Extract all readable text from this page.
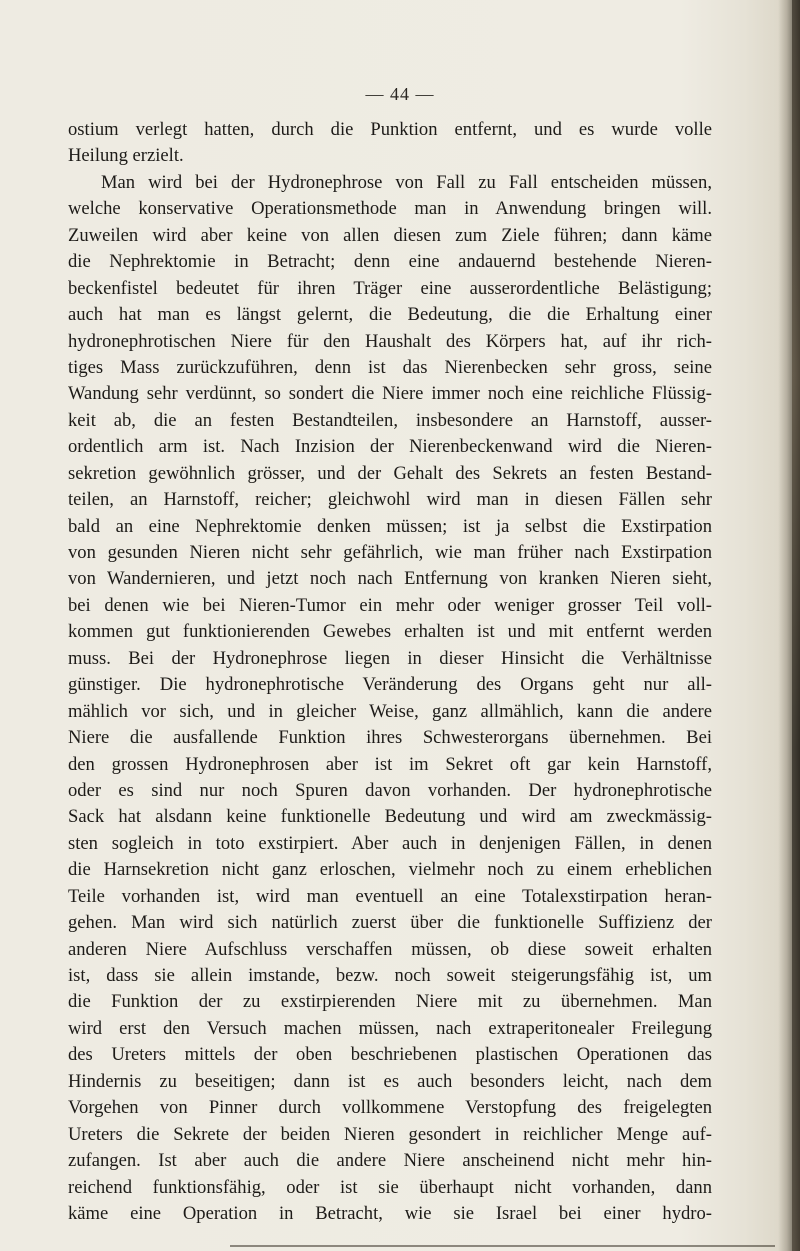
— 44 —
ostium verlegt hatten, durch die Punktion entfernt, und es wurde volle
Heilung erzielt.
Man wird bei der Hydronephrose von Fall zu Fall entscheiden müssen,
welche konservative Operationsmethode man in Anwendung bringen will.
Zuweilen wird aber keine von allen diesen zum Ziele führen; dann käme
die Nephrektomie in Betracht; denn eine andauernd bestehende Nieren-
beckenfistel bedeutet für ihren Träger eine ausserordentliche Belästigung;
auch hat man es längst gelernt, die Bedeutung, die die Erhaltung einer
hydronephrotischen Niere für den Haushalt des Körpers hat, auf ihr rich-
tiges Mass zurückzuführen, denn ist das Nierenbecken sehr gross, seine
Wandung sehr verdünnt, so sondert die Niere immer noch eine reichliche Flüssig-
keit ab, die an festen Bestandteilen, insbesondere an Harnstoff, ausser-
ordentlich arm ist. Nach Inzision der Nierenbeckenwand wird die Nieren-
sekretion gewöhnlich grösser, und der Gehalt des Sekrets an festen Bestand-
teilen, an Harnstoff, reicher; gleichwohl wird man in diesen Fällen sehr
bald an eine Nephrektomie denken müssen; ist ja selbst die Exstirpation
von gesunden Nieren nicht sehr gefährlich, wie man früher nach Exstirpation
von Wandernieren, und jetzt noch nach Entfernung von kranken Nieren sieht,
bei denen wie bei Nieren-Tumor ein mehr oder weniger grosser Teil voll-
kommen gut funktionierenden Gewebes erhalten ist und mit entfernt werden
muss. Bei der Hydronephrose liegen in dieser Hinsicht die Verhältnisse
günstiger. Die hydronephrotische Veränderung des Organs geht nur all-
mählich vor sich, und in gleicher Weise, ganz allmählich, kann die andere
Niere die ausfallende Funktion ihres Schwesterorgans übernehmen. Bei
den grossen Hydronephrosen aber ist im Sekret oft gar kein Harnstoff,
oder es sind nur noch Spuren davon vorhanden. Der hydronephrotische
Sack hat alsdann keine funktionelle Bedeutung und wird am zweckmässig-
sten sogleich in toto exstirpiert. Aber auch in denjenigen Fällen, in denen
die Harnsekretion nicht ganz erloschen, vielmehr noch zu einem erheblichen
Teile vorhanden ist, wird man eventuell an eine Totalexstirpation heran-
gehen. Man wird sich natürlich zuerst über die funktionelle Suffizienz der
anderen Niere Aufschluss verschaffen müssen, ob diese soweit erhalten
ist, dass sie allein imstande, bezw. noch soweit steigerungsfähig ist, um
die Funktion der zu exstirpierenden Niere mit zu übernehmen. Man
wird erst den Versuch machen müssen, nach extraperitonealer Freilegung
des Ureters mittels der oben beschriebenen plastischen Operationen das
Hindernis zu beseitigen; dann ist es auch besonders leicht, nach dem
Vorgehen von Pinner durch vollkommene Verstopfung des freigelegten
Ureters die Sekrete der beiden Nieren gesondert in reichlicher Menge auf-
zufangen. Ist aber auch die andere Niere anscheinend nicht mehr hin-
reichend funktionsfähig, oder ist sie überhaupt nicht vorhanden, dann
käme eine Operation in Betracht, wie sie Israel bei einer hydro-
